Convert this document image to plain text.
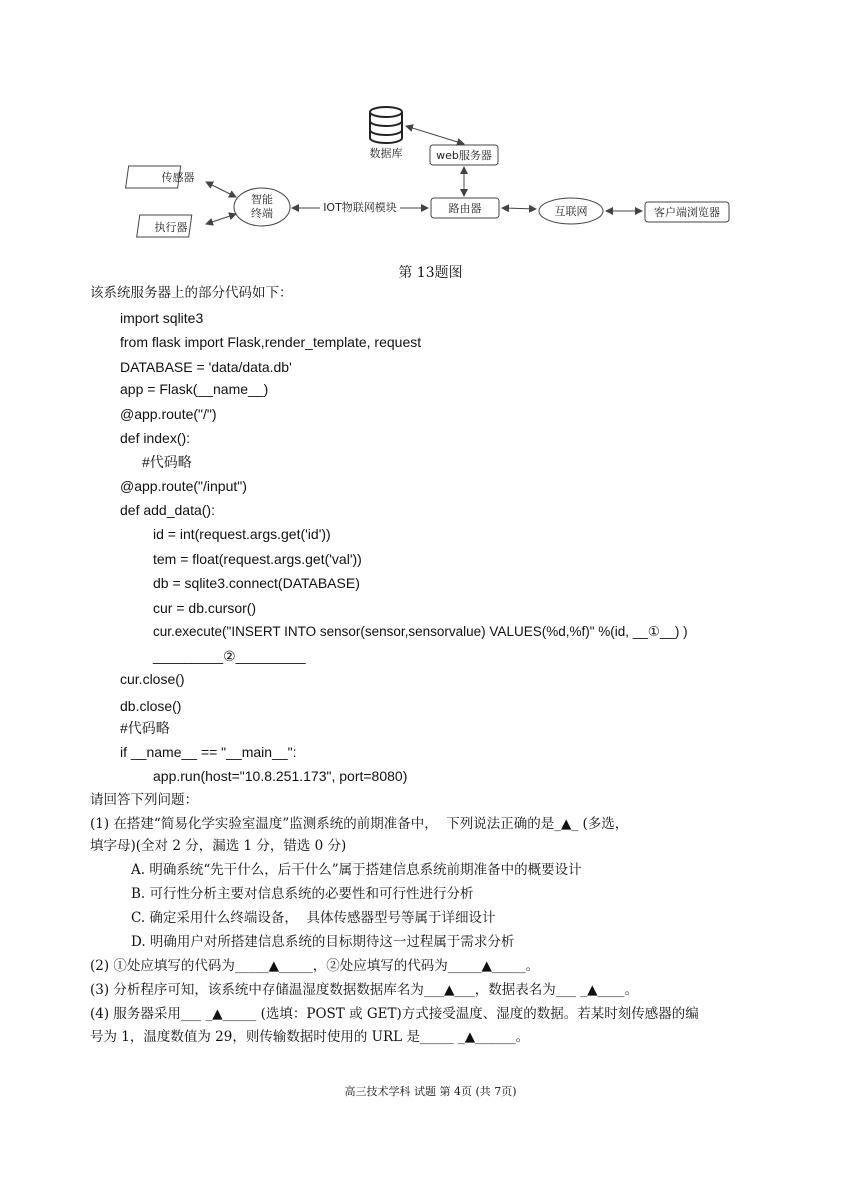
数据库	web服务器
传感器
执行器
智能
终端	IOT物联网模块	路由器	互联网	客户端浏览器
第 13题图
该系统服务器上的部分代码如下：
import sqlite3
from flask import Flask,render_template, request
DATABASE = 'data/data.db'
app = Flask(__name__)
@app.route("/")
def index():
#代码略
@app.route("/input")
def add_data():
id = int(request.args.get('id'))
tem = float(request.args.get('val'))
db = sqlite3.connect(DATABASE)
cur = db.cursor()
cur.execute("INSERT INTO sensor(sensor,sensorvalue) VALUES(%d,%f)" %(id, __①__) )
_________②_________
cur.close()
db.close()
#代码略
if __name__ == "__main__":
app.run(host="10.8.251.173", port=8080)
请回答下列问题：
(1) 在搭建“简易化学实验室温度”监测系统的前期准备中，  下列说法正确的是_▲_ (多选，
填字母)(全对 2 分，漏选 1 分，错选 0 分)
A. 明确系统“先干什么，后干什么”属于搭建信息系统前期准备中的概要设计
B. 可行性分析主要对信息系统的必要性和可行性进行分析
C. 确定采用什么终端设备，  具体传感器型号等属于详细设计
D. 明确用户对所搭建信息系统的目标期待这一过程属于需求分析
(2) ①处应填写的代码为_____▲_____，②处应填写的代码为_____▲_____。
(3) 分析程序可知，该系统中存储温湿度数据数据库名为___▲___，数据表名为___ _▲____。
(4) 服务器采用___ _▲_____ (选填：POST 或 GET)方式接受温度、湿度的数据。若某时刻传感器的编
号为 1，温度数值为 29，则传输数据时使用的 URL 是_____ _▲______。
高三技术学科 试题 第 4页 (共 7页)
